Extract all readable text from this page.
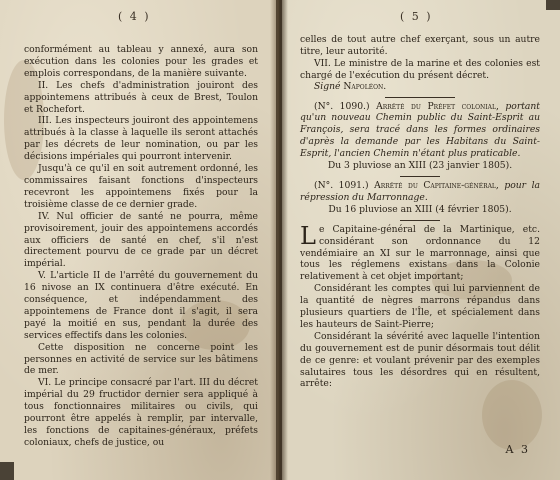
( 4 )

conformément au tableau y annexé, aura son exécution dans les colonies pour les grades et emplois correspondans, de la manière suivante.

II. Les chefs d'administration jouiront des appointemens attribués à ceux de Brest, Toulon et Rochefort.

III. Les inspecteurs jouiront des appointemens attribués à la classe à laquelle ils seront attachés par les décrets de leur nomination, ou par les décisions impériales qui pourront intervenir.

Jusqu'à ce qu'il en soit autrement ordonné, les commissaires faisant fonctions d'inspecteurs recevront les appointemens fixés pour la troisième classe de ce dernier grade.

IV. Nul officier de santé ne pourra, même provisoirement, jouir des appointemens accordés aux officiers de santé en chef, s'il n'est directement pourvu de ce grade par un décret impérial.

V. L'article II de l'arrêté du gouvernement du 16 nivose an IX continuera d'être exécuté. En conséquence, et indépendamment des appointemens de France dont il s'agit, il sera payé la moitié en sus, pendant la durée des services effectifs dans les colonies.

Cette disposition ne concerne point les personnes en activité de service sur les bâtimens de mer.

VI. Le principe consacré par l'art. III du décret impérial du 29 fructidor dernier sera appliqué à tous fonctionnaires militaires ou civils, qui pourront être appelés à remplir, par intervalle, les fonctions de capitaines-généraux, préfets coloniaux, chefs de justice, ou

( 5 )

celles de tout autre chef exerçant, sous un autre titre, leur autorité.

VII. Le ministre de la marine et des colonies est chargé de l'exécution du présent décret.

Signé Napoléon.

(N°. 1090.) Arrêté du Préfet colonial, portant qu'un nouveau Chemin public du Saint-Esprit au François, sera tracé dans les formes ordinaires d'après la demande par les Habitans du Saint-Esprit, l'ancien Chemin n'étant plus praticable.

Du 3 pluviose an XIII (23 janvier 1805).

(N°. 1091.) Arrêté du Capitaine-général, pour la répression du Marronnage.

Du 16 pluviose an XIII (4 février 1805).

L e Capitaine-général de la Martinique, etc. considérant son ordonnance du 12 vendémiaire an XI sur le marronnage, ainsi que tous les réglemens existans dans la Colonie relativement à cet objet important;

Considérant les comptes qui lui parviennent de la quantité de nègres marrons répandus dans plusieurs quartiers de l'Île, et spécialement dans les hauteurs de Saint-Pierre;

Considérant la sévérité avec laquelle l'intention du gouvernement est de punir désormais tout délit de ce genre: et voulant prévenir par des exemples salutaires tous les désordres qui en résultent, arrête:

A 3
